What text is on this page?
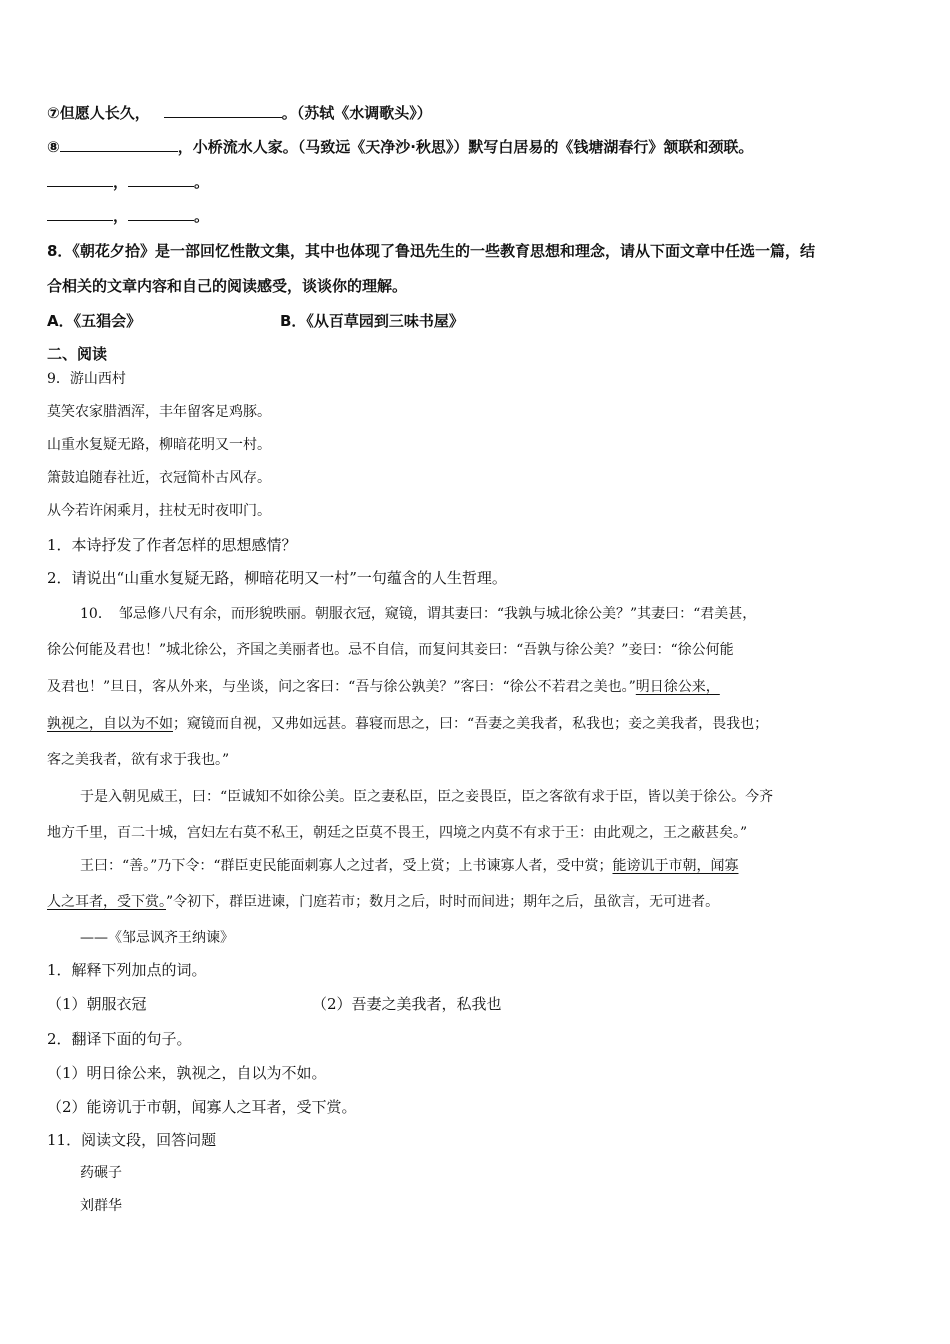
⑦但愿人长久，	。（苏轼《水调歌头》）
⑧	，小桥流水人家。（马致远《天净沙·秋思》）默写白居易的《钱塘湖春行》颔联和颈联。
，	。
，	。
8．《朝花夕拾》是一部回忆性散文集，其中也体现了鲁迅先生的一些教育思想和理念，请从下面文章中任选一篇，结
合相关的文章内容和自己的阅读感受，谈谈你的理解。
A．《五猖会》	B．《从百草园到三味书屋》
二、阅读
9．游山西村
莫笑农家腊酒浑，丰年留客足鸡豚。
山重水复疑无路，柳暗花明又一村。
箫鼓追随春社近，衣冠简朴古风存。
从今若许闲乘月，拄杖无时夜叩门。
1．本诗抒发了作者怎样的思想感情？
2．请说出“山重水复疑无路，柳暗花明又一村”一句蕴含的人生哲理。
10．　邹忌修八尺有余，而形貌昳丽。朝服衣冠，窥镜，谓其妻曰：“我孰与城北徐公美？”其妻曰：“君美甚，
徐公何能及君也！”城北徐公，齐国之美丽者也。忌不自信，而复问其妾曰：“吾孰与徐公美？”妾曰：“徐公何能
及君也！”旦日，客从外来，与坐谈，问之客曰：“吾与徐公孰美？”客曰：“徐公不若君之美也。”明日徐公来，
孰视之，自以为不如；窥镜而自视，又弗如远甚。暮寝而思之，曰：“吾妻之美我者，私我也；妾之美我者，畏我也；
客之美我者，欲有求于我也。”
于是入朝见威王，曰：“臣诚知不如徐公美。臣之妻私臣，臣之妾畏臣，臣之客欲有求于臣，皆以美于徐公。今齐
地方千里，百二十城，宫妇左右莫不私王，朝廷之臣莫不畏王，四境之内莫不有求于王：由此观之，王之蔽甚矣。”
王曰：“善。”乃下令：“群臣吏民能面刺寡人之过者，受上赏；上书谏寡人者，受中赏；能谤讥于市朝，闻寡
人之耳者，受下赏。”令初下，群臣进谏，门庭若市；数月之后，时时而间进；期年之后，虽欲言，无可进者。
——《邹忌讽齐王纳谏》
1．解释下列加点的词。
（1）朝服衣冠	（2）吾妻之美我者，私我也
2．翻译下面的句子。
（1）明日徐公来，孰视之，自以为不如。
（2）能谤讥于市朝，闻寡人之耳者，受下赏。
11．阅读文段，回答问题
药碾子
刘群华
